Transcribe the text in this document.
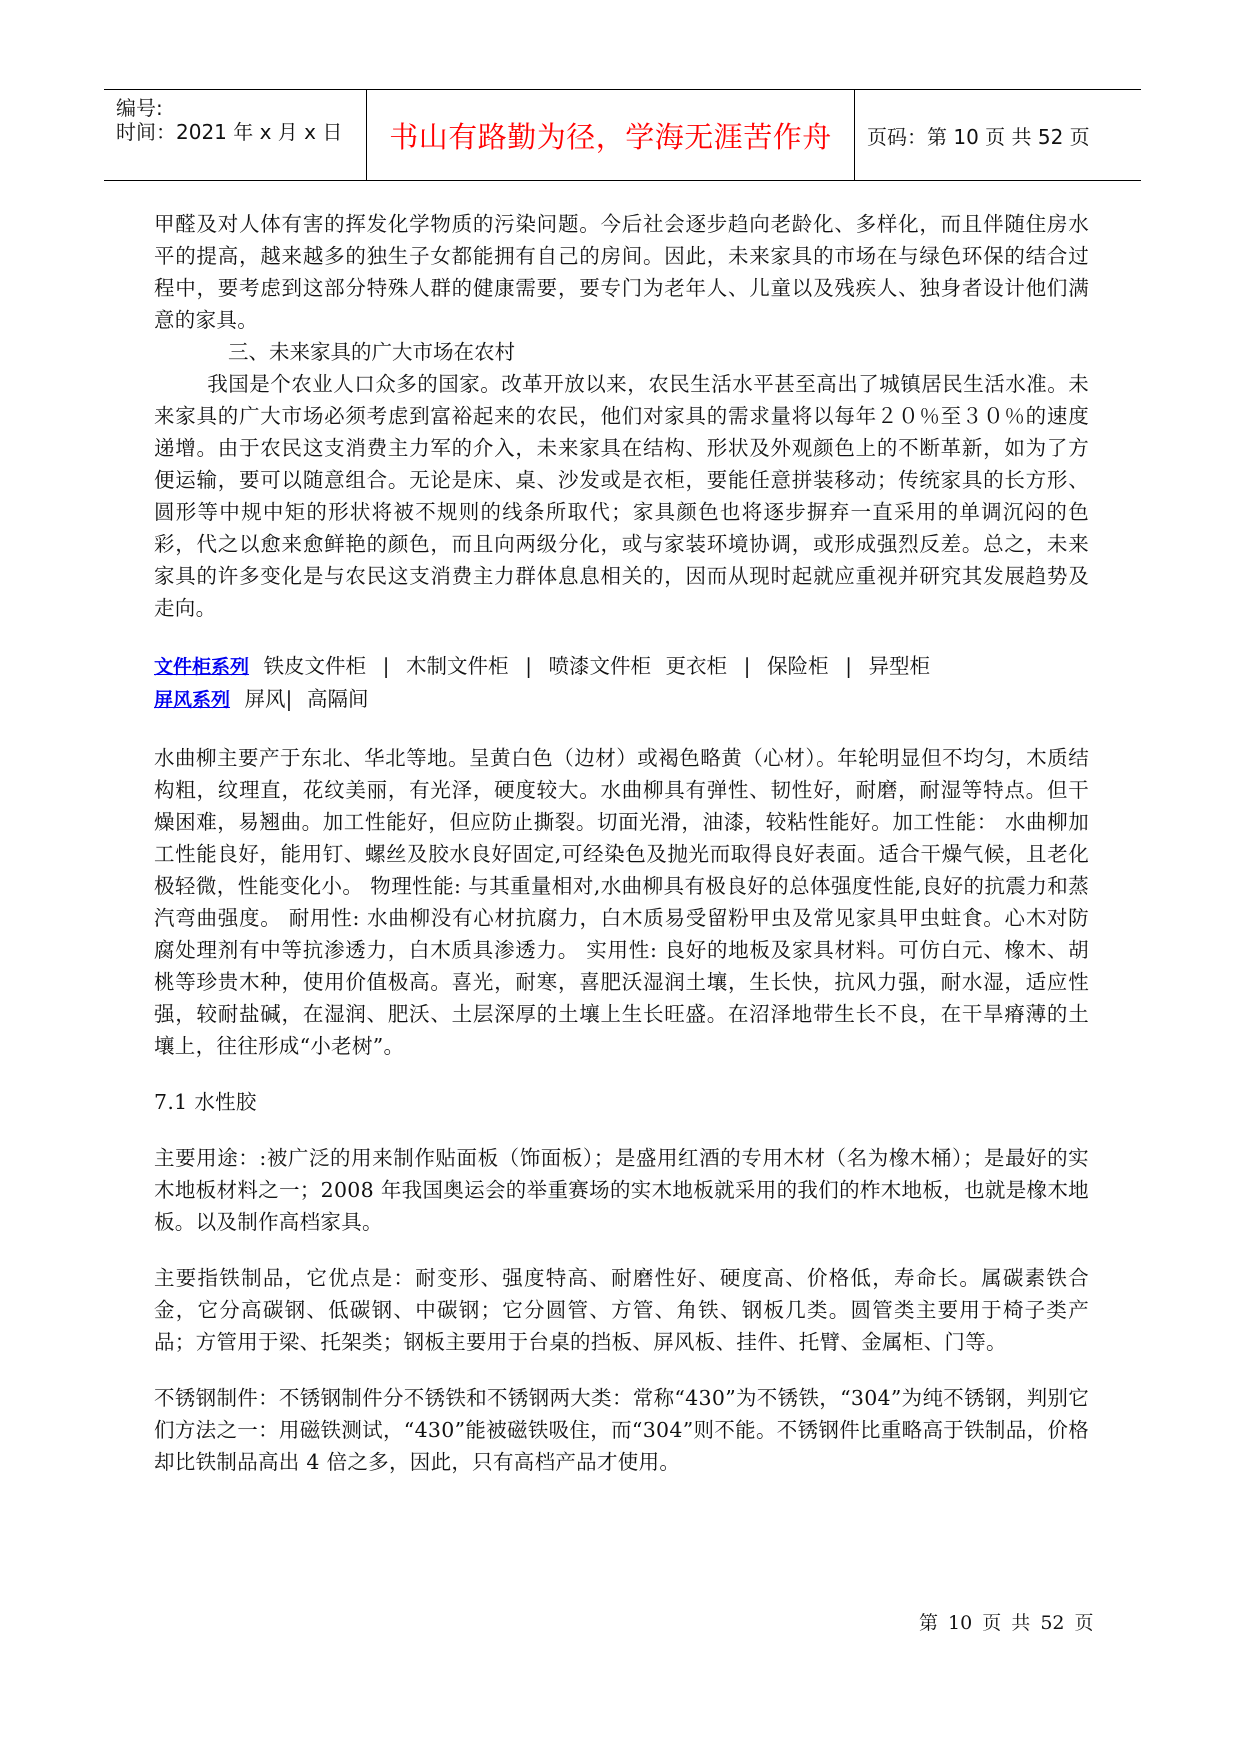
编号:
时间：2021 年 x 月 x 日	书山有路勤为径，学海无涯苦作舟	页码：第 10 页 共 52 页

甲醛及对人体有害的挥发化学物质的污染问题。今后社会逐步趋向老龄化、多样化，而且伴随住房水平的提高，越来越多的独生子女都能拥有自己的房间。因此，未来家具的市场在与绿色环保的结合过程中，要考虑到这部分特殊人群的健康需要，要专门为老年人、儿童以及残疾人、独身者设计他们满意的家具。

三、未来家具的广大市场在农村

我国是个农业人口众多的国家。改革开放以来，农民生活水平甚至高出了城镇居民生活水准。未来家具的广大市场必须考虑到富裕起来的农民，他们对家具的需求量将以每年２０％至３０％的速度递增。由于农民这支消费主力军的介入，未来家具在结构、形状及外观颜色上的不断革新，如为了方便运输，要可以随意组合。无论是床、桌、沙发或是衣柜，要能任意拼装移动；传统家具的长方形、圆形等中规中矩的形状将被不规则的线条所取代；家具颜色也将逐步摒弃一直采用的单调沉闷的色彩，代之以愈来愈鲜艳的颜色，而且向两级分化，或与家装环境协调，或形成强烈反差。总之，未来家具的许多变化是与农民这支消费主力群体息息相关的，因而从现时起就应重视并研究其发展趋势及走向。

文件柜系列 铁皮文件柜 | 木制文件柜 | 喷漆文件柜 更衣柜 | 保险柜 | 异型柜

屏风系列 屏风| 高隔间

水曲柳主要产于东北、华北等地。呈黄白色（边材）或褐色略黄（心材）。年轮明显但不均匀，木质结构粗，纹理直，花纹美丽，有光泽，硬度较大。水曲柳具有弹性、韧性好，耐磨，耐湿等特点。但干燥困难，易翘曲。加工性能好，但应防止撕裂。切面光滑，油漆，较粘性能好。加工性能： 水曲柳加工性能良好，能用钉、螺丝及胶水良好固定,可经染色及抛光而取得良好表面。适合干燥气候，且老化极轻微，性能变化小。 物理性能: 与其重量相对,水曲柳具有极良好的总体强度性能,良好的抗震力和蒸汽弯曲强度。 耐用性: 水曲柳没有心材抗腐力，白木质易受留粉甲虫及常见家具甲虫蛀食。心木对防腐处理剂有中等抗渗透力，白木质具渗透力。 实用性: 良好的地板及家具材料。可仿白元、橡木、胡桃等珍贵木种，使用价值极高。喜光，耐寒，喜肥沃湿润土壤，生长快，抗风力强，耐水湿，适应性强，较耐盐碱，在湿润、肥沃、土层深厚的土壤上生长旺盛。在沼泽地带生长不良，在干旱瘠薄的土壤上，往往形成“小老树”。

7.1 水性胶

主要用途：:被广泛的用来制作贴面板（饰面板）；是盛用红酒的专用木材（名为橡木桶）；是最好的实木地板材料之一；2008 年我国奥运会的举重赛场的实木地板就采用的我们的柞木地板，也就是橡木地板。以及制作高档家具。

主要指铁制品，它优点是：耐变形、强度特高、耐磨性好、硬度高、价格低，寿命长。属碳素铁合金，它分高碳钢、低碳钢、中碳钢；它分圆管、方管、角铁、钢板几类。圆管类主要用于椅子类产品；方管用于梁、托架类；钢板主要用于台桌的挡板、屏风板、挂件、托臂、金属柜、门等。

不锈钢制件：不锈钢制件分不锈铁和不锈钢两大类：常称“430”为不锈铁，“304”为纯不锈钢，判别它们方法之一：用磁铁测试，“430”能被磁铁吸住，而“304”则不能。不锈钢件比重略高于铁制品，价格却比铁制品高出 4 倍之多，因此，只有高档产品才使用。

第 10 页 共 52 页
